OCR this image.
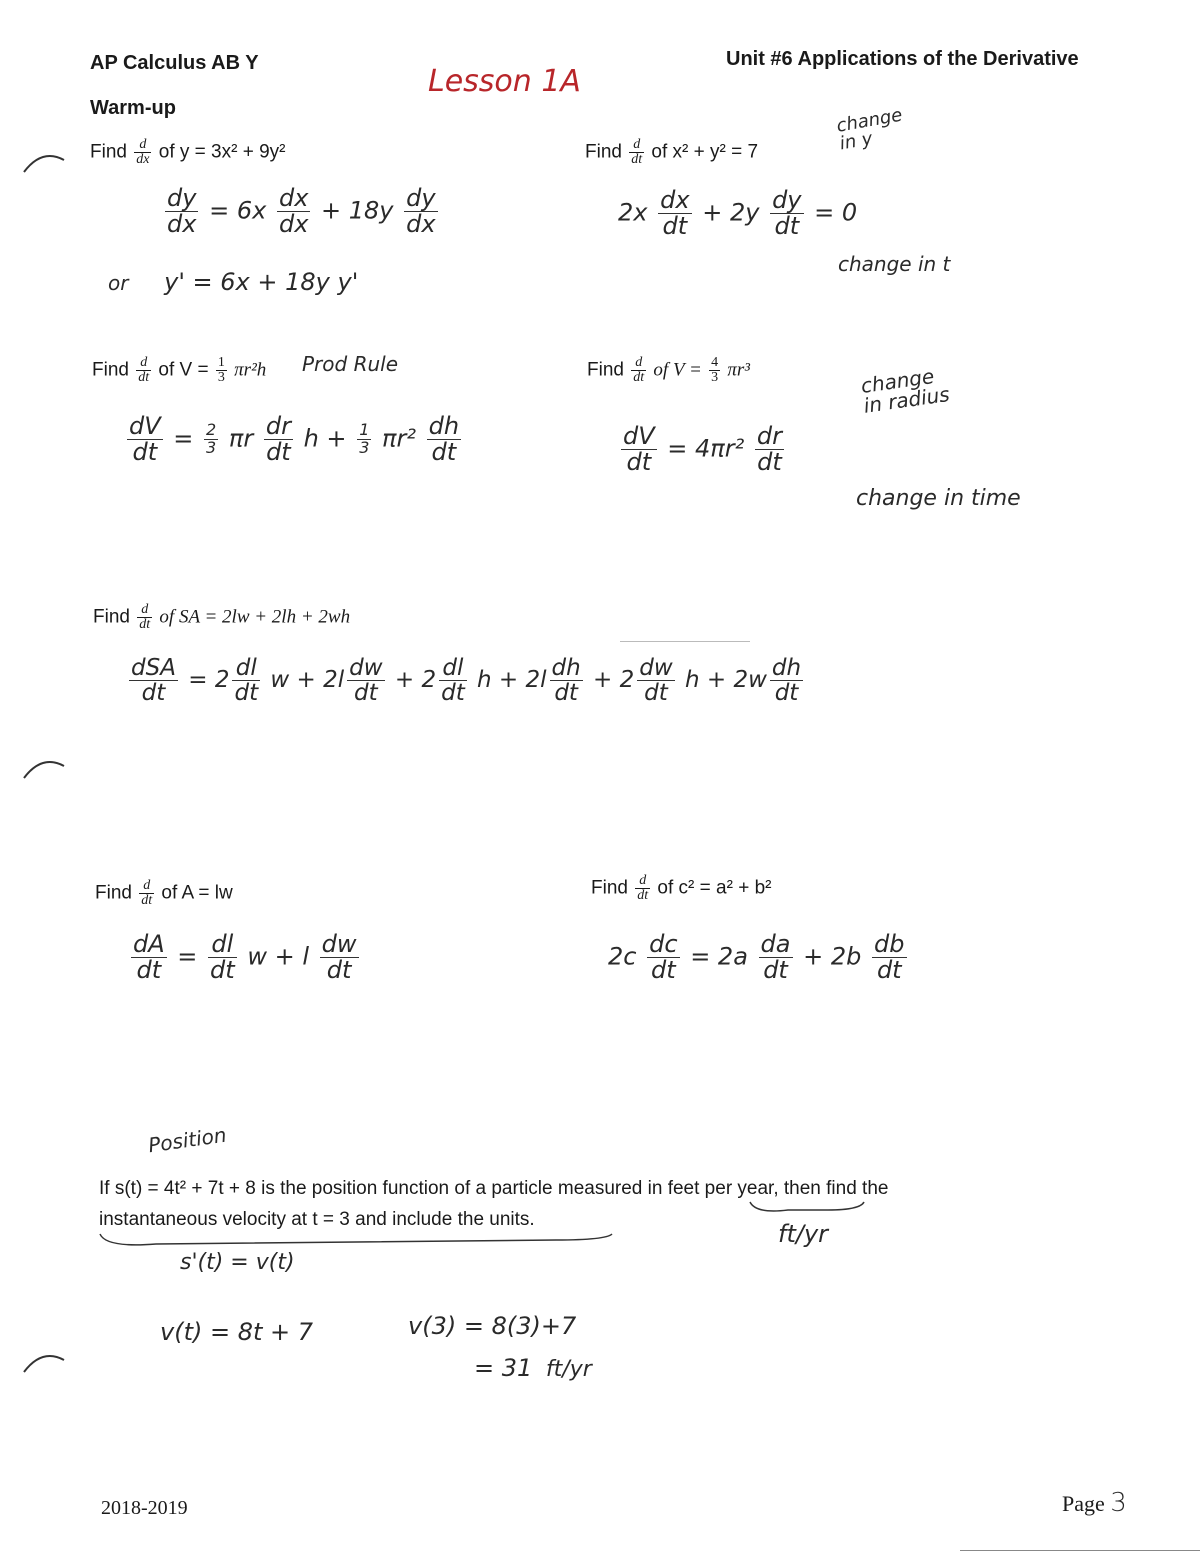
AP Calculus AB Y
Lesson 1A
Unit #6 Applications of the Derivative
Warm-up
Find $\frac{d}{dx}$ of y = 3x² + 9y²
$\frac{dy}{dx} = 6x \frac{dx}{dx} + 18y \frac{dy}{dx}$
or y' = 6x + 18y y'
Find $\frac{d}{dt}$ of x² + y² = 7
$2x \frac{dx}{dt} + 2y \frac{dy}{dt} = 0$
change
in y
change in t
Find $\frac{d}{dt}$ of $V = \frac{1}{3} \pi r^2h$ Prod Rule
$\frac{dV}{dt} = \frac{2}{3}$ πr $\frac{dr}{dt}$ $h + \frac{1}{3} \pi r^2 \frac{dh}{dt}$
Find $\frac{d}{dt}$ of $V = \frac{4}{3} \pi r^3$
$\frac{dV}{dt} = 4\pi r^2 \frac{dr}{dt}$
change
in radius
change in time
Find $\frac{d}{dt}$ of SA = 2lw + 2lh + 2wh
$\frac{\text{dSA}}{dt} = 2 \frac{dl}{dt}$ $w + 2l \frac{dw}{dt} + 2 \frac{dl}{dt}$ $h + 2l \frac{dh}{dt} + 2 \frac{dw}{dt}$ $h + 2w \frac{dh}{dt}$
Find $\frac{d}{dt}$ of A = lw
$\frac{dA}{dt} = \frac{dl}{dt}$ w + l $\frac{dw}{dt}$
Find $\frac{d}{dt}$ of c² = a² + b²
$2c \frac{dc}{dt} = 2a \frac{da}{dt} + 2b \frac{db}{dt}$
Position
If s(t) = 4t² + 7t + 8 is the position function of a particle measured in feet per year, then find the
instantaneous velocity at t = 3 and include the units.
ft/yr
s'(t) = v(t)
v(t) = 8t + 7	v(3) = 8(3)+7
= 31 ft/yr
2018-2019	Page 3
